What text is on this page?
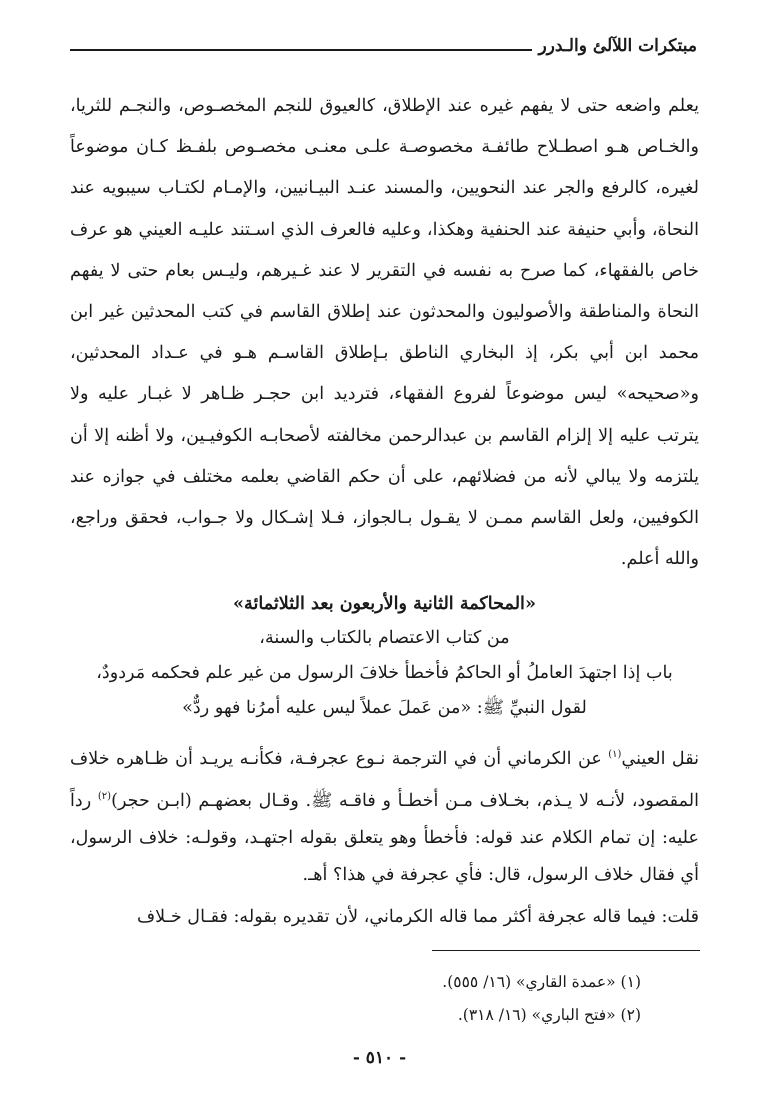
مبتكرات اللآلئ والـدرر

يعلم واضعه حتى لا يفهم غيره عند الإطلاق، كالعيوق للنجم المخصـوص، والنجـم للثريا، والخـاص هـو اصطـلاح طائفـة مخصوصـة علـى معنـى مخصـوص بلفـظ كـان موضوعاً لغيره، كالرفع والجر عند النحويين، والمسند عنـد البيـانيين، والإمـام لكتـاب سيبويه عند النحاة، وأبي حنيفة عند الحنفية وهكذا، وعليه فالعرف الذي اسـتند عليـه العيني هو عرف خاص بالفقهاء، كما صرح به نفسه في التقرير لا عند غـيرهم، وليـس بعام حتى لا يفهم النحاة والمناطقة والأصوليون والمحدثون عند إطلاق القاسم في كتب المحدثين غير ابن محمد ابن أبي بكر، إذ البخاري الناطق بـإطلاق القاسـم هـو في عـداد المحدثين، و«صحيحه» ليس موضوعاً لفروع الفقهاء، فترديد ابن حجـر ظـاهر لا غبـار عليه ولا يترتب عليه إلا إلزام القاسم بن عبدالرحمن مخالفته لأصحابـه الكوفيـين، ولا أظنه إلا أن يلتزمه ولا يبالي لأنه من فضلائهم، على أن حكم القاضي بعلمه مختلف في جوازه عند الكوفيين، ولعل القاسم ممـن لا يقـول بـالجواز، فـلا إشـكال ولا جـواب، فحقق وراجع، والله أعلم.

«المحاكمة الثانية والأربعون بعد الثلاثمائة»

من كتاب الاعتصام بالكتاب والسنة،

باب إذا اجتهدَ العاملُ أو الحاكمُ فأخطأ خلافَ الرسول من غير علم فحكمه مَردودٌ،

لقول النبيِّ ﷺ: «من عَملَ عملاً ليس عليه أمرُنا فهو ردٌّ»

نقل العيني$^{(١)}$ عن الكرماني أن في الترجمة نـوع عجرفـة، فكأنـه يريـد أن ظـاهره خلاف المقصود، لأنـه لا يـذم، بخـلاف مـن أخطـأ و فاقـه ﷺ. وقـال بعضهـم (ابـن حجر)$^{(٢)}$ رداً عليه: إن تمام الكلام عند قوله: فأخطأ وهو يتعلق بقوله اجتهـد، وقولـه: خلاف الرسول، أي فقال خلاف الرسول، قال: فأي عجرفة في هذا؟ أهـ.

قلت: فيما قاله عجرفة أكثر مما قاله الكرماني، لأن تقديره بقوله: فقـال خـلاف

(١) «عمدة القاري» (١٦/ ٥٥٥).
(٢) «فتح الباري» (١٦/ ٣١٨).
- ٥١٠ -
